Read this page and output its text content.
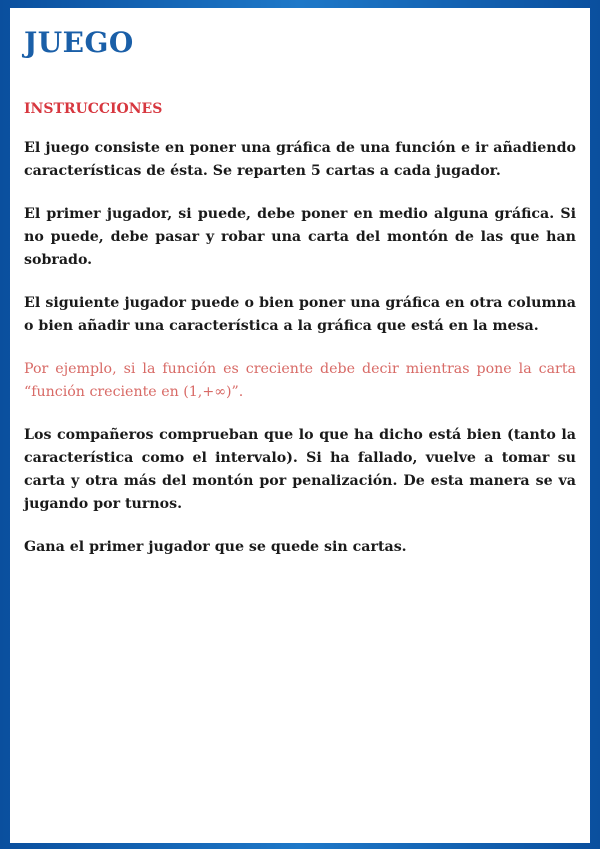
JUEGO
INSTRUCCIONES

El juego consiste en poner una gráfica de una función e ir añadiendo características de ésta. Se reparten 5 cartas a cada jugador.

El primer jugador, si puede, debe poner en medio alguna gráfica. Si no puede, debe pasar y robar una carta del montón de las que han sobrado.

El siguiente jugador puede o bien poner una gráfica en otra columna o bien añadir una característica a la gráfica que está en la mesa.

Por ejemplo, si la función es creciente debe decir mientras pone la carta “función creciente en (1,+∞)”.

Los compañeros comprueban que lo que ha dicho está bien (tanto la característica como el intervalo). Si ha fallado, vuelve a tomar su carta y otra más del montón por penalización. De esta manera se va jugando por turnos.

Gana el primer jugador que se quede sin cartas.
